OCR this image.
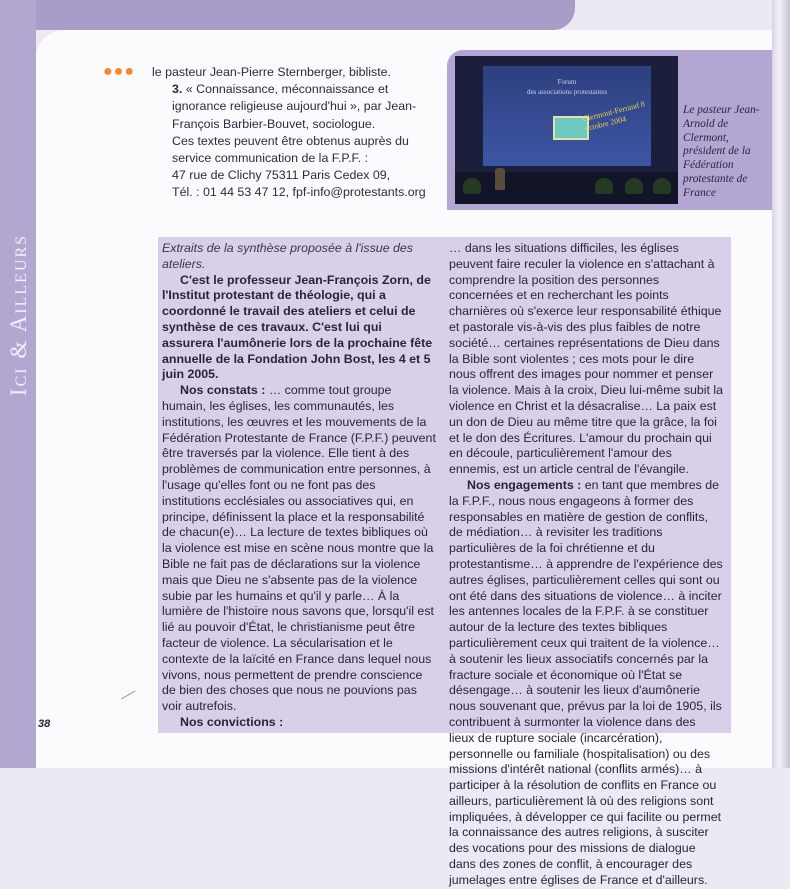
Ici & Ailleurs
●●● le pasteur Jean-Pierre Sternberger, bibliste.

3. « Connaissance, méconnaissance et ignorance religieuse aujourd'hui », par Jean-François Barbier-Bouvet, sociologue.

Ces textes peuvent être obtenus auprès du service communication de la F.P.F. :

47 rue de Clichy 75311 Paris Cedex 09,

Tél. : 01 44 53 47 12, fpf-info@protestants.org

Forum
des associations protestantes
Clermont-Ferrand 8 octobre 2004
Le pasteur Jean-Arnold de Clermont, président de la Fédération protestante de France

Extraits de la synthèse proposée à l'issue des ateliers.

C'est le professeur Jean-François Zorn, de l'Institut protestant de théologie, qui a coordonné le travail des ateliers et celui de synthèse de ces travaux. C'est lui qui assurera l'aumônerie lors de la prochaine fête annuelle de la Fondation John Bost, les 4 et 5 juin 2005.

Nos constats : … comme tout groupe humain, les églises, les communautés, les institutions, les œuvres et les mouvements de la Fédération Protestante de France (F.P.F.) peuvent être traversés par la violence. Elle tient à des problèmes de communication entre personnes, à l'usage qu'elles font ou ne font pas des institutions ecclésiales ou associatives qui, en principe, définissent la place et la responsabilité de chacun(e)… La lecture de textes bibliques où la violence est mise en scène nous montre que la Bible ne fait pas de déclarations sur la violence mais que Dieu ne s'absente pas de la violence subie par les humains et qu'il y parle… À la lumière de l'histoire nous savons que, lorsqu'il est lié au pouvoir d'État, le christianisme peut être facteur de violence. La sécularisation et le contexte de la laïcité en France dans lequel nous vivons, nous permettent de prendre conscience de bien des choses que nous ne pouvions pas voir autrefois.

Nos convictions :

… dans les situations difficiles, les églises peuvent faire reculer la violence en s'attachant à comprendre la position des personnes concernées et en recherchant les points charnières où s'exerce leur responsabilité éthique et pastorale vis-à-vis des plus faibles de notre société… certaines représentations de Dieu dans la Bible sont violentes ; ces mots pour le dire nous offrent des images pour nommer et penser la violence. Mais à la croix, Dieu lui-même subit la violence en Christ et la désacralise… La paix est un don de Dieu au même titre que la grâce, la foi et le don des Écritures. L'amour du prochain qui en découle, particulièrement l'amour des ennemis, est un article central de l'évangile.

Nos engagements : en tant que membres de la F.P.F., nous nous engageons à former des responsables en matière de gestion de conflits, de médiation… à revisiter les traditions particulières de la foi chrétienne et du protestantisme… à apprendre de l'expérience des autres églises, particulièrement celles qui sont ou ont été dans des situations de violence… à inciter les antennes locales de la F.P.F. à se constituer autour de la lecture des textes bibliques particulièrement ceux qui traitent de la violence… à soutenir les lieux associatifs concernés par la fracture sociale et économique où l'État se désengage… à soutenir les lieux d'aumônerie nous souvenant que, prévus par la loi de 1905, ils contribuent à surmonter la violence dans des lieux de rupture sociale (incarcération), personnelle ou familiale (hospitalisation) ou des missions d'intérêt national (conflits armés)… à participer à la résolution de conflits en France ou ailleurs, particulièrement là où des religions sont impliquées, à développer ce qui facilite ou permet la connaissance des autres religions, à susciter des vocations pour des missions de dialogue dans des zones de conflit, à encourager des jumelages entre églises de France et d'ailleurs.

38
